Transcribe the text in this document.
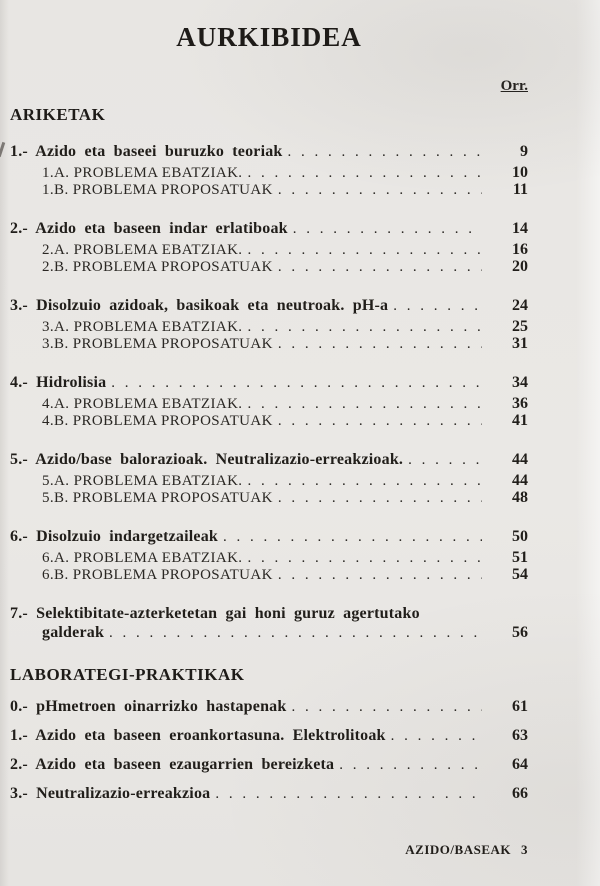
AURKIBIDEA
Orr.
ARIKETAK
1.- Azido eta baseei buruzko teoriak . . .	9
1.A. PROBLEMA EBATZIAK. . . .	10
1.B. PROBLEMA PROPOSATUAK . . .	11
2.- Azido eta baseen indar erlatiboak . . .	14
2.A. PROBLEMA EBATZIAK. . . .	16
2.B. PROBLEMA PROPOSATUAK . . .	20
3.- Disolzuio azidoak, basikoak eta neutroak. pH-a . . .	24
3.A. PROBLEMA EBATZIAK. . . .	25
3.B. PROBLEMA PROPOSATUAK . . .	31
4.- Hidrolisia . . .	34
4.A. PROBLEMA EBATZIAK. . . .	36
4.B. PROBLEMA PROPOSATUAK . . .	41
5.- Azido/base balorazioak. Neutralizazio-erreakzioak. . . .	44
5.A. PROBLEMA EBATZIAK. . . .	44
5.B. PROBLEMA PROPOSATUAK . . .	48
6.- Disolzuio indargetzaileak . . .	50
6.A. PROBLEMA EBATZIAK. . . .	51
6.B. PROBLEMA PROPOSATUAK . . .	54
7.- Selektibitate-azterketetan gai honi guruz agertutako
galderak . . .	56
LABORATEGI-PRAKTIKAK
0.- pHmetroen oinarrizko hastapenak . . .	61
1.- Azido eta baseen eroankortasuna. Elektrolitoak . . .	63
2.- Azido eta baseen ezaugarrien bereizketa . . .	64
3.- Neutralizazio-erreakzioa . . .	66
AZIDO/BASEAK 3
